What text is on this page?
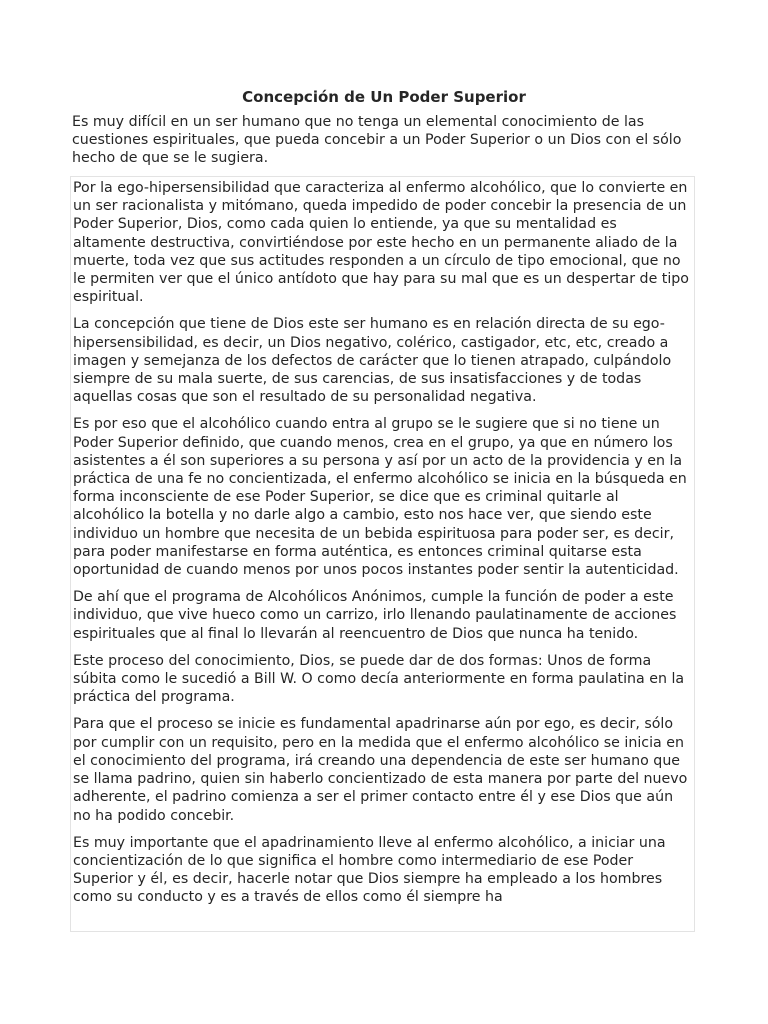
Concepción de Un Poder Superior

Es muy difícil en un ser humano que no tenga un elemental conocimiento de las cuestiones espirituales, que pueda concebir a un Poder Superior o un Dios con el sólo hecho de que se le sugiera.

Por la ego-hipersensibilidad que caracteriza al enfermo alcohólico, que lo convierte en un ser racionalista y mitómano, queda impedido de poder concebir la presencia de un Poder Superior, Dios, como cada quien lo entiende, ya que su mentalidad es altamente destructiva, convirtiéndose por este hecho en un permanente aliado de la muerte, toda vez que sus actitudes responden a un círculo de tipo emocional, que no le permiten ver que el único antídoto que hay para su mal que es un despertar de tipo espiritual.

La concepción que tiene de Dios este ser humano es en relación directa de su ego- hipersensibilidad, es decir, un Dios negativo, colérico, castigador, etc, etc, creado a imagen y semejanza de los defectos de carácter que lo tienen atrapado, culpándolo siempre de su mala suerte, de sus carencias, de sus insatisfacciones y de todas aquellas cosas que son el resultado de su personalidad negativa.

Es por eso que el alcohólico cuando entra al grupo se le sugiere que si no tiene un Poder Superior definido, que cuando menos, crea en el grupo, ya que en número los asistentes a él son superiores a su persona y así por un acto de la providencia y en la práctica de una fe no concientizada, el enfermo alcohólico se inicia en la búsqueda en forma inconsciente de ese Poder Superior, se dice que es criminal quitarle al alcohólico la botella y no darle algo a cambio, esto nos hace ver, que siendo este individuo un hombre que necesita de un bebida espirituosa para poder ser, es decir, para poder manifestarse en forma auténtica, es entonces criminal quitarse esta oportunidad de cuando menos por unos pocos instantes poder sentir la autenticidad.

De ahí que el programa de Alcohólicos Anónimos, cumple la función de poder a este individuo, que vive hueco como un carrizo, irlo llenando paulatinamente de acciones espirituales que al final lo llevarán al reencuentro de Dios que nunca ha tenido.

Este proceso del conocimiento, Dios, se puede dar de dos formas: Unos de forma súbita como le sucedió a Bill W. O como decía anteriormente en forma paulatina en la práctica del programa.

Para que el proceso se inicie es fundamental apadrinarse aún por ego, es decir, sólo por cumplir con un requisito, pero en la medida que el enfermo alcohólico se inicia en el conocimiento del programa, irá creando una dependencia de este ser humano que se llama padrino, quien sin haberlo concientizado de esta manera por parte del nuevo adherente, el padrino comienza a ser el primer contacto entre él y ese Dios que aún no ha podido concebir.

Es muy importante que el apadrinamiento lleve al enfermo alcohólico, a iniciar una concientización de lo que significa el hombre como intermediario de ese Poder Superior y él, es decir, hacerle notar que Dios siempre ha empleado a los hombres como su conducto y es a través de ellos como él siempre ha
